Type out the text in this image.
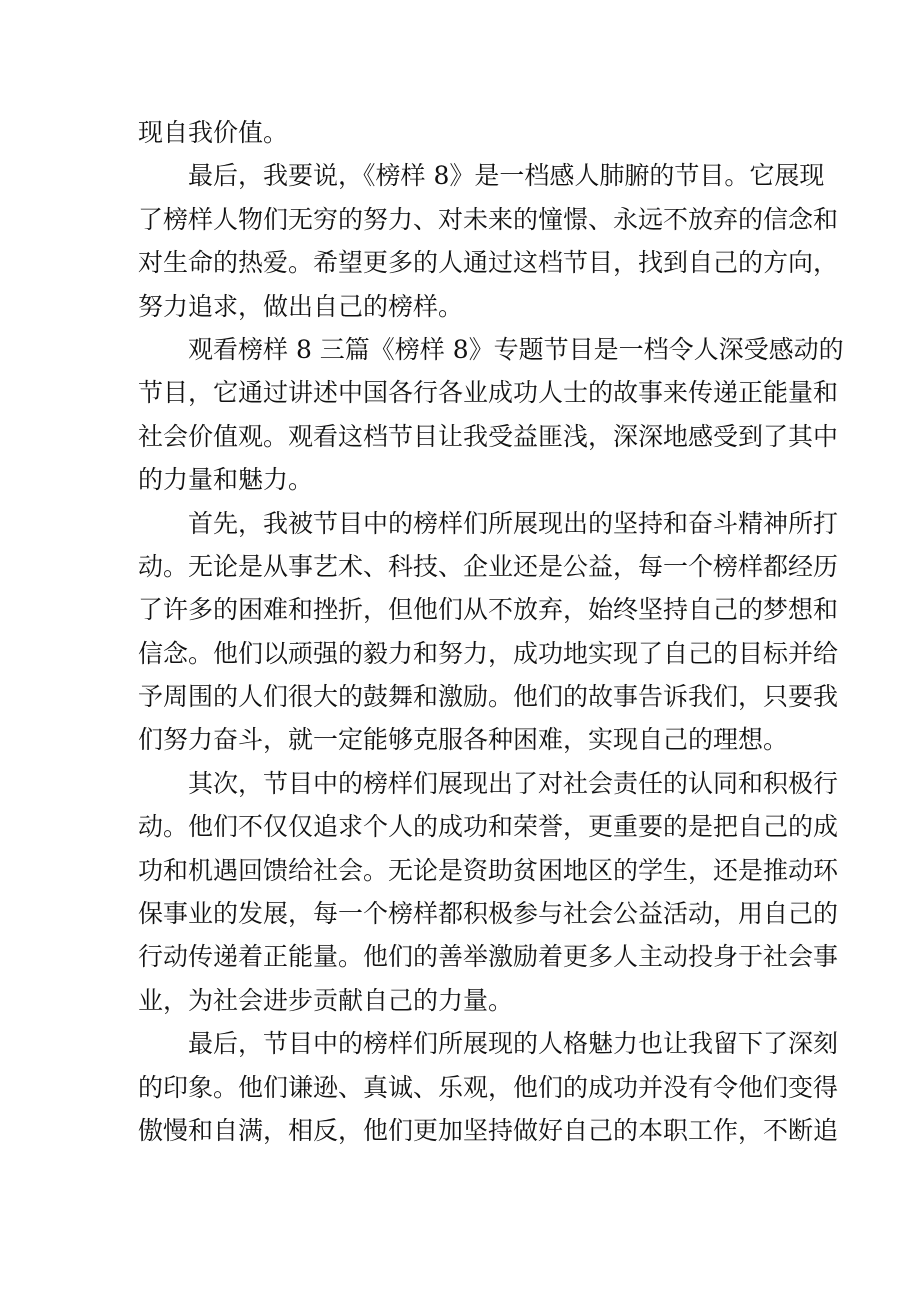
现自我价值。
最后，我要说，《榜样 8》是一档感人肺腑的节目。它展现
了榜样人物们无穷的努力、对未来的憧憬、永远不放弃的信念和
对生命的热爱。希望更多的人通过这档节目，找到自己的方向，
努力追求，做出自己的榜样。
观看榜样 8 三篇《榜样 8》专题节目是一档令人深受感动的
节目，它通过讲述中国各行各业成功人士的故事来传递正能量和
社会价值观。观看这档节目让我受益匪浅，深深地感受到了其中
的力量和魅力。
首先，我被节目中的榜样们所展现出的坚持和奋斗精神所打
动。无论是从事艺术、科技、企业还是公益，每一个榜样都经历
了许多的困难和挫折，但他们从不放弃，始终坚持自己的梦想和
信念。他们以顽强的毅力和努力，成功地实现了自己的目标并给
予周围的人们很大的鼓舞和激励。他们的故事告诉我们，只要我
们努力奋斗，就一定能够克服各种困难，实现自己的理想。
其次，节目中的榜样们展现出了对社会责任的认同和积极行
动。他们不仅仅追求个人的成功和荣誉，更重要的是把自己的成
功和机遇回馈给社会。无论是资助贫困地区的学生，还是推动环
保事业的发展，每一个榜样都积极参与社会公益活动，用自己的
行动传递着正能量。他们的善举激励着更多人主动投身于社会事
业，为社会进步贡献自己的力量。
最后，节目中的榜样们所展现的人格魅力也让我留下了深刻
的印象。他们谦逊、真诚、乐观，他们的成功并没有令他们变得
傲慢和自满，相反，他们更加坚持做好自己的本职工作，不断追
